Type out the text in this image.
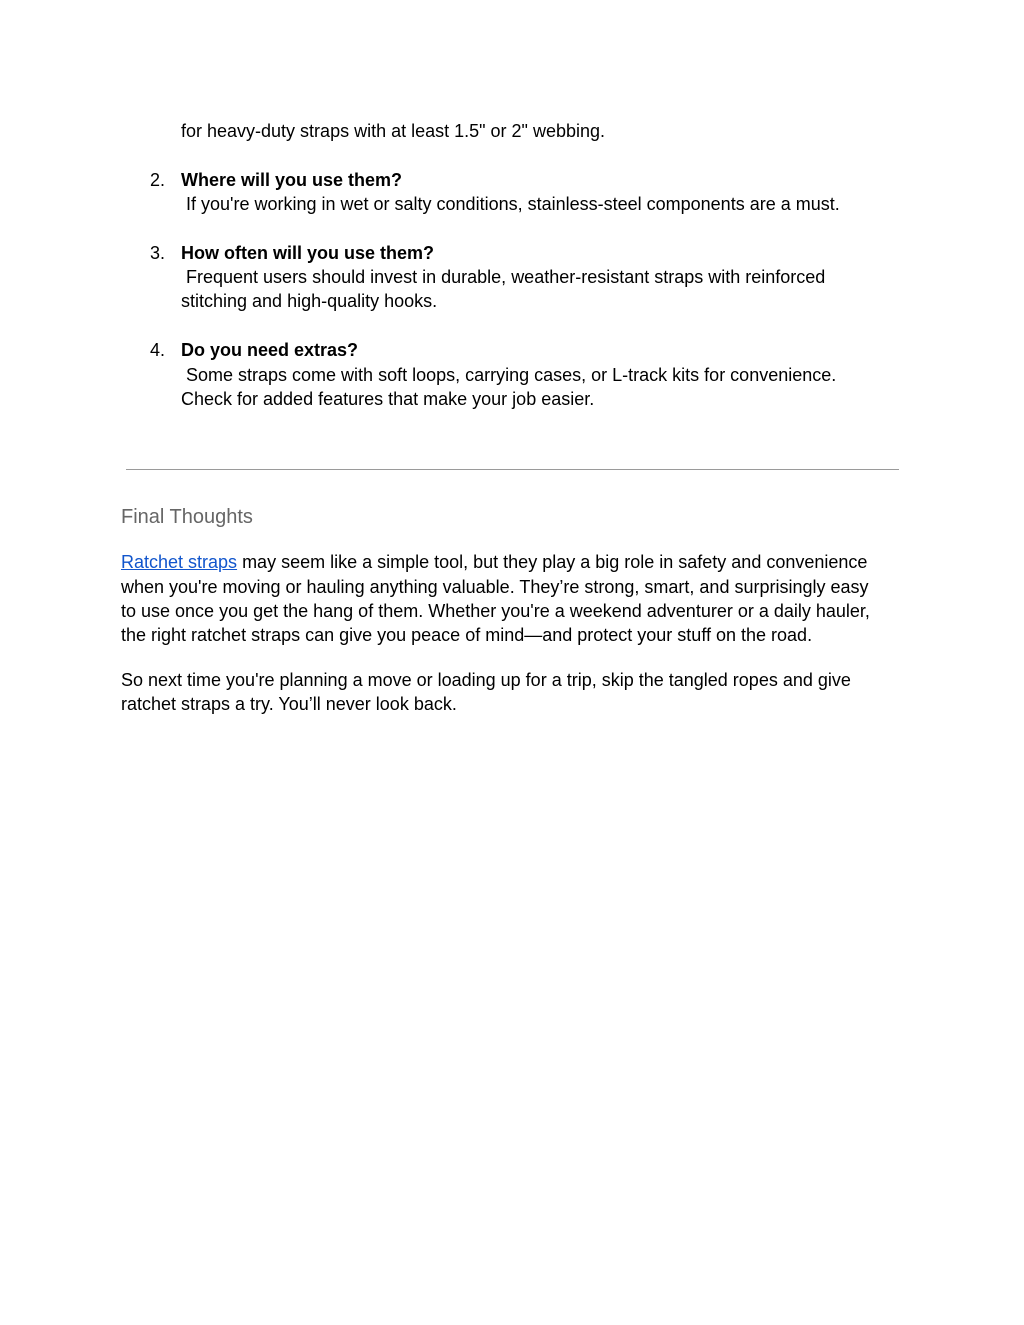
for heavy-duty straps with at least 1.5" or 2" webbing.
2. Where will you use them?
If you're working in wet or salty conditions, stainless-steel components are a must.
3. How often will you use them?
Frequent users should invest in durable, weather-resistant straps with reinforced
stitching and high-quality hooks.
4. Do you need extras?
Some straps come with soft loops, carrying cases, or L-track kits for convenience.
Check for added features that make your job easier.
Final Thoughts
Ratchet straps may seem like a simple tool, but they play a big role in safety and convenience
when you're moving or hauling anything valuable. They’re strong, smart, and surprisingly easy
to use once you get the hang of them. Whether you're a weekend adventurer or a daily hauler,
the right ratchet straps can give you peace of mind—and protect your stuff on the road.
So next time you're planning a move or loading up for a trip, skip the tangled ropes and give
ratchet straps a try. You’ll never look back.
